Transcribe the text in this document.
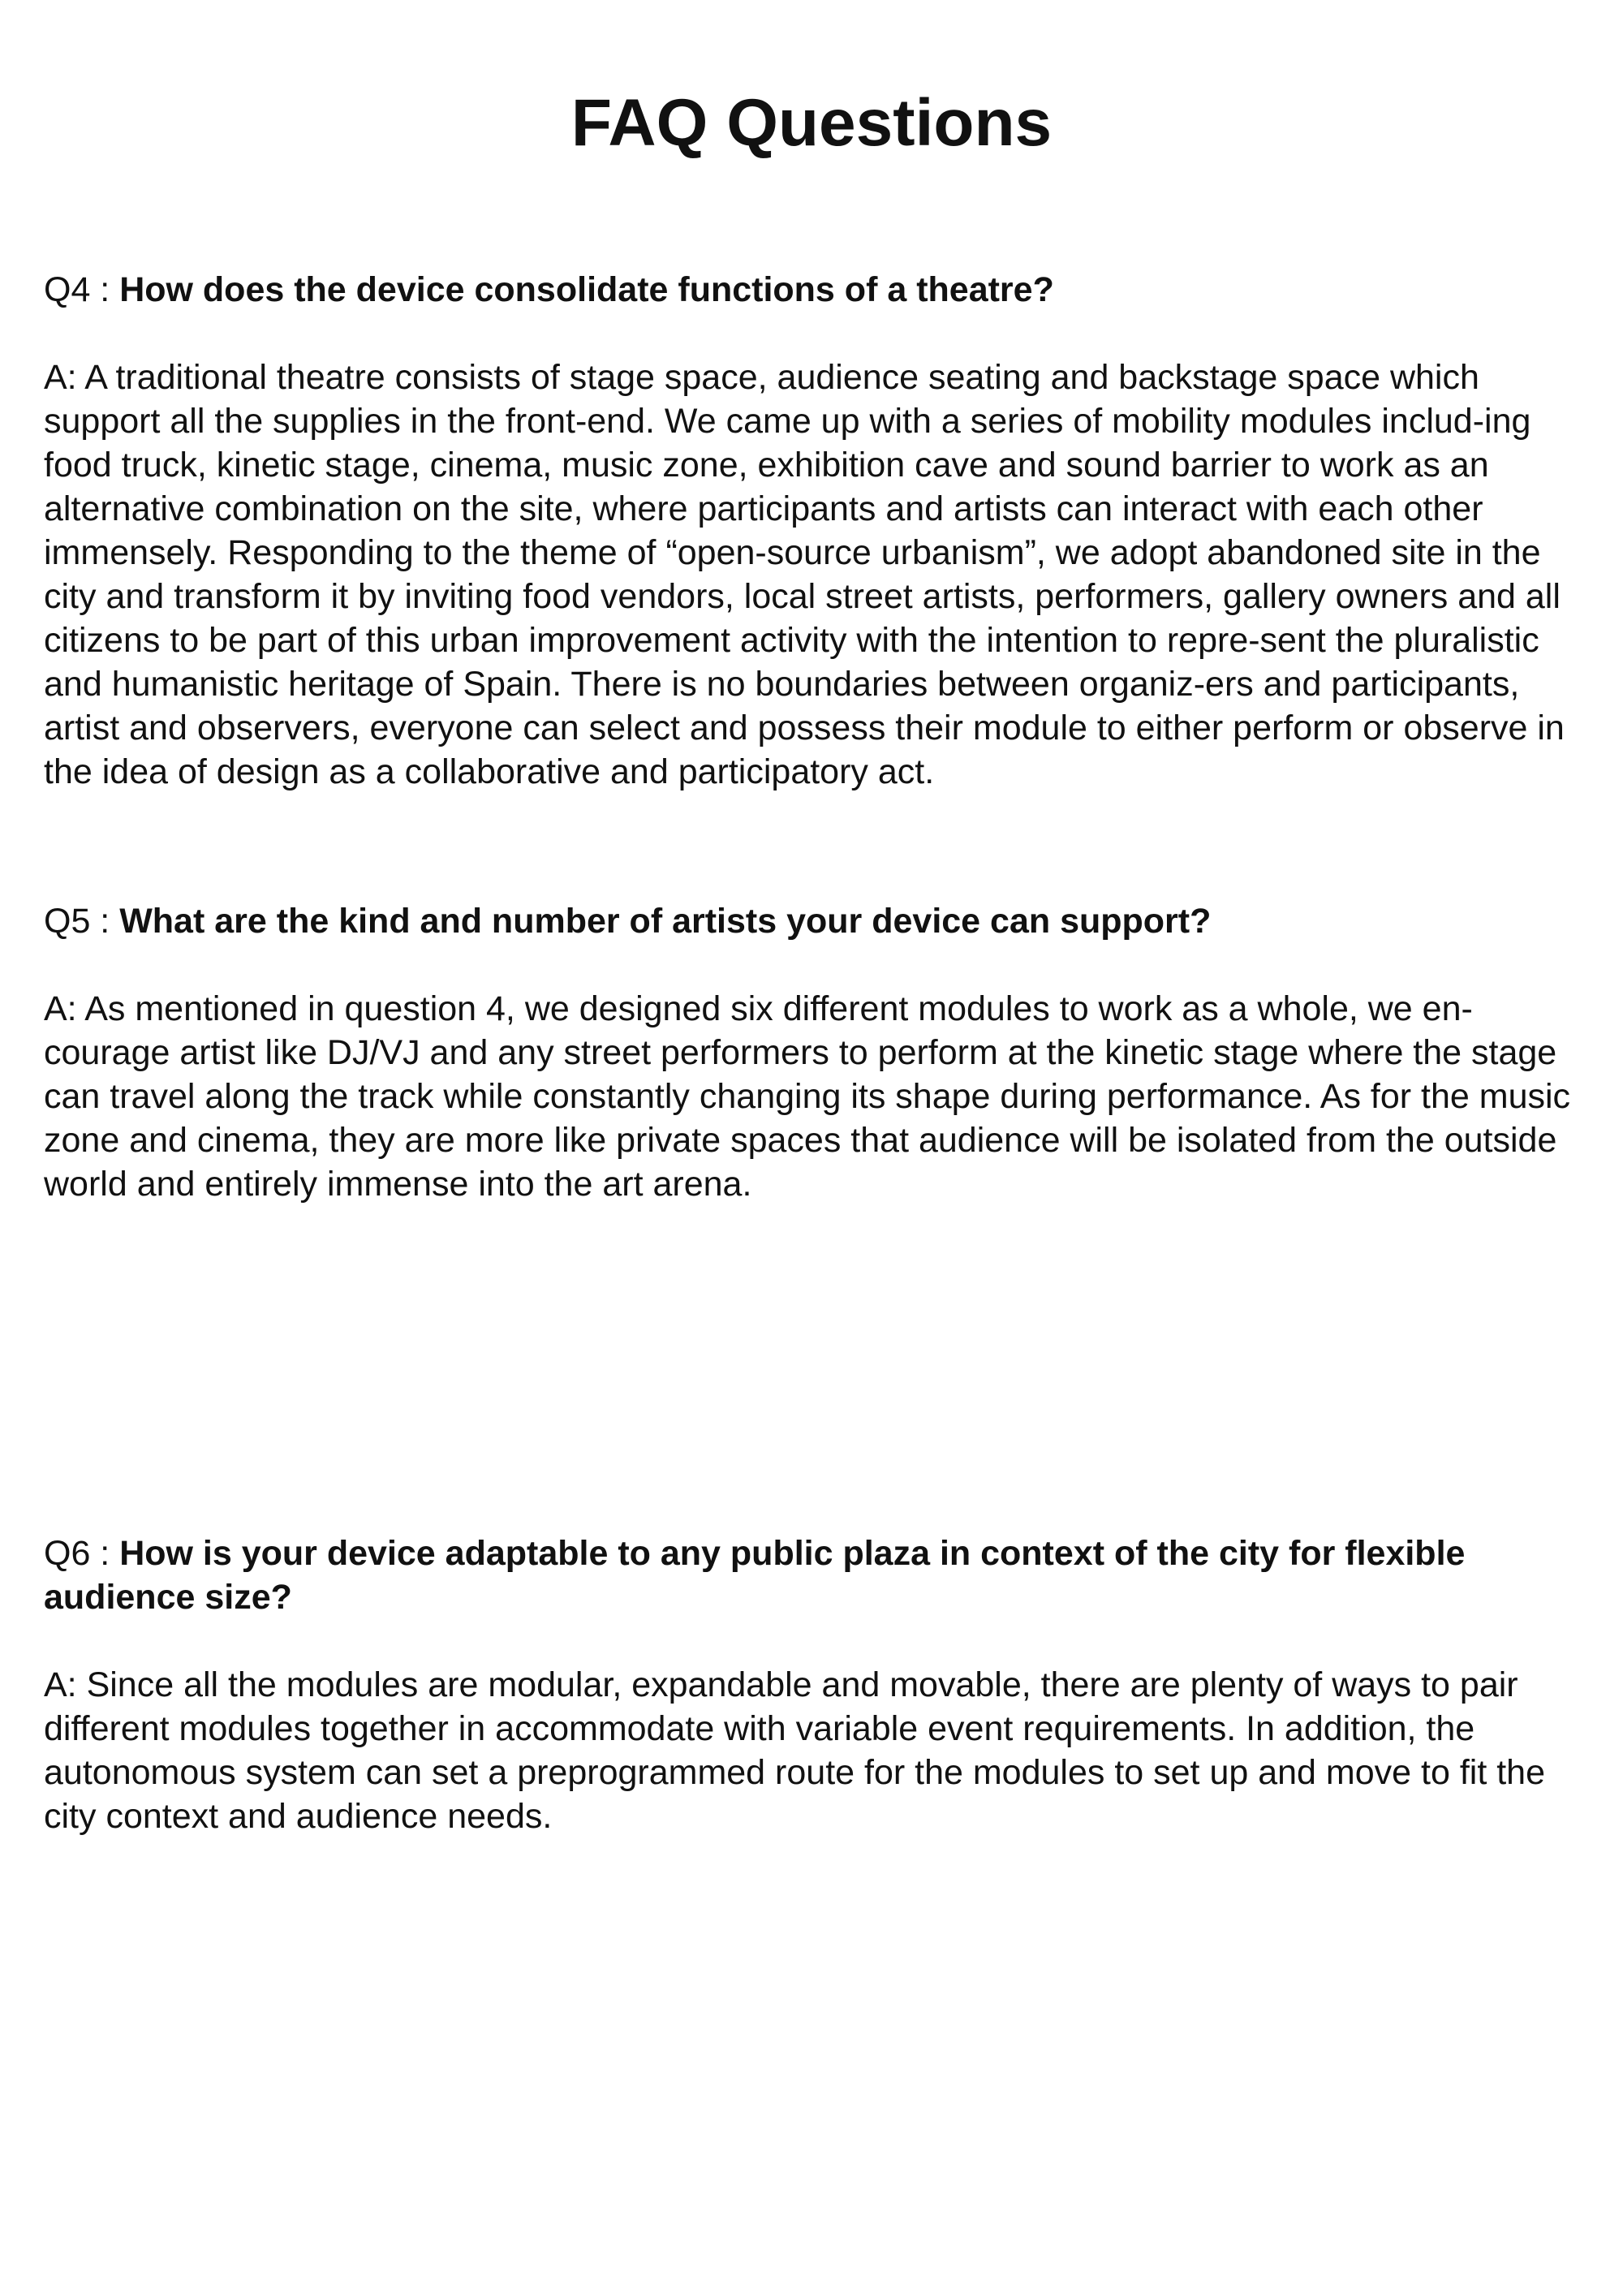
FAQ Questions

Q4 : How does the device consolidate functions of a theatre?

A: A traditional theatre consists of stage space, audience seating and backstage space which support all the supplies in the front-end. We came up with a series of mobility modules includ-ing food truck, kinetic stage, cinema, music zone, exhibition cave and sound barrier to work as an alternative combination on the site, where participants and artists can interact with each other immensely. Responding to the theme of “open-source urbanism”, we adopt abandoned site in the city and transform it by inviting food vendors, local street artists, performers, gallery owners and all citizens to be part of this urban improvement activity with the intention to repre-sent the pluralistic and humanistic heritage of Spain. There is no boundaries between organiz-ers and participants, artist and observers, everyone can select and possess their module to either perform or observe in the idea of design as a collaborative and participatory act.

Q5 : What are the kind and number of artists your device can support?

A: As mentioned in question 4, we designed six different modules to work as a whole, we en-courage artist like DJ/VJ and any street performers to perform at the kinetic stage where the stage can travel along the track while constantly changing its shape during performance. As for the music zone and cinema, they are more like private spaces that audience will be isolated from the outside world and entirely immense into the art arena.

Q6 : How is your device adaptable to any public plaza in context of the city for flexible audience size?

A: Since all the modules are modular, expandable and movable, there are plenty of ways to pair different modules together in accommodate with variable event requirements. In addition, the autonomous system can set a preprogrammed route for the modules to set up and move to fit the city context and audience needs.
